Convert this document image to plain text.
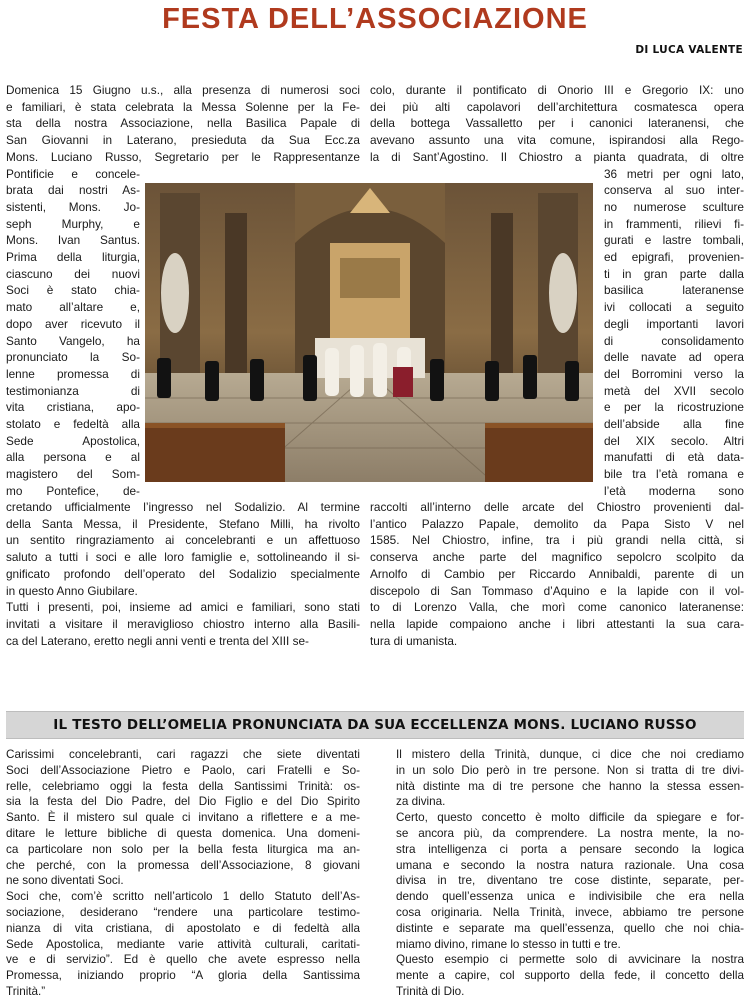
FESTA DELL’ASSOCIAZIONE
DI LUCA VALENTE
Domenica 15 Giugno u.s., alla presenza di numerosi soci
e familiari, è stata celebrata la Messa Solenne per la Fe-
sta della nostra Associazione, nella Basilica Papale di
San Giovanni in Laterano, presieduta da Sua Ecc.za
Mons. Luciano Russo, Segretario per le Rappresentanze
Pontificie e concele-
brata dai nostri As-
sistenti, Mons. Jo-
seph Murphy, e
Mons. Ivan Santus.
Prima della liturgia,
ciascuno dei nuovi
Soci è stato chia-
mato all’altare e,
dopo aver ricevuto il
Santo Vangelo, ha
pronunciato la So-
lenne promessa di
testimonianza di
vita cristiana, apo-
stolato e fedeltà alla
Sede Apostolica,
alla persona e al
magistero del Som-
mo Pontefice, de-
cretando ufficialmente l’ingresso nel Sodalizio. Al termine
della Santa Messa, il Presidente, Stefano Milli, ha rivolto
un sentito ringraziamento ai concelebranti e un affettuoso
saluto a tutti i soci e alle loro famiglie e, sottolineando il si-
gnificato profondo dell’operato del Sodalizio specialmente
in questo Anno Giubilare.
Tutti i presenti, poi, insieme ad amici e familiari, sono stati
invitati a visitare il meraviglioso chiostro interno alla Basili-
ca del Laterano, eretto negli anni venti e trenta del XIII se-
colo, durante il pontificato di Onorio III e Gregorio IX: uno
dei più alti capolavori dell’architettura cosmatesca opera
della bottega Vassalletto per i canonici lateranensi, che
avevano assunto una vita comune, ispirandosi alla Rego-
la di Sant’Agostino. Il Chiostro a pianta quadrata, di oltre
36 metri per ogni lato,
conserva al suo inter-
no numerose sculture
in frammenti, rilievi fi-
gurati e lastre tombali,
ed epigrafi, provenien-
ti in gran parte dalla
basilica lateranense
ivi collocati a seguito
degli importanti lavori
di consolidamento
delle navate ad opera
del Borromini verso la
metà del XVII secolo
e per la ricostruzione
dell’abside alla fine
del XIX secolo. Altri
manufatti di età data-
bile tra l’età romana e
l’età moderna sono
raccolti all’interno delle arcate del Chiostro provenienti dal-
l’antico Palazzo Papale, demolito da Papa Sisto V nel
1585. Nel Chiostro, infine, tra i più grandi nella città, si
conserva anche parte del magnifico sepolcro scolpito da
Arnolfo di Cambio per Riccardo Annibaldi, parente di un
discepolo di San Tommaso d’Aquino e la lapide con il vol-
to di Lorenzo Valla, che morì come canonico lateranense:
nella lapide compaiono anche i libri attestanti la sua cara-
tura di umanista.
IL TESTO DELL’OMELIA PRONUNCIATA DA SUA ECCELLENZA MONS. LUCIANO RUSSO
Carissimi concelebranti, cari ragazzi che siete diventati
Soci dell’Associazione Pietro e Paolo, cari Fratelli e So-
relle, celebriamo oggi la festa della Santissimi Trinità: os-
sia la festa del Dio Padre, del Dio Figlio e del Dio Spirito
Santo. È il mistero sul quale ci invitano a riflettere e a me-
ditare le letture bibliche di questa domenica. Una domeni-
ca particolare non solo per la bella festa liturgica ma an-
che perché, con la promessa dell’Associazione, 8 giovani
ne sono diventati Soci.
Soci che, com’è scritto nell’articolo 1 dello Statuto dell’As-
sociazione, desiderano “rendere una particolare testimo-
nianza di vita cristiana, di apostolato e di fedeltà alla
Sede Apostolica, mediante varie attività culturali, caritati-
ve e di servizio”. Ed è quello che avete espresso nella
Promessa, iniziando proprio “A gloria della Santissima
Trinità.”
Il mistero della Trinità, dunque, ci dice che noi crediamo
in un solo Dio però in tre persone. Non si tratta di tre divi-
nità distinte ma di tre persone che hanno la stessa essen-
za divina.
Certo, questo concetto è molto difficile da spiegare e for-
se ancora più, da comprendere. La nostra mente, la no-
stra intelligenza ci porta a pensare secondo la logica
umana e secondo la nostra natura razionale. Una cosa
divisa in tre, diventano tre cose distinte, separate, per-
dendo quell’essenza unica e indivisibile che era nella
cosa originaria. Nella Trinità, invece, abbiamo tre persone
distinte e separate ma quell’essenza, quello che noi chia-
miamo divino, rimane lo stesso in tutti e tre.
Questo esempio ci permette solo di avvicinare la nostra
mente a capire, col supporto della fede, il concetto della
Trinità di Dio.
